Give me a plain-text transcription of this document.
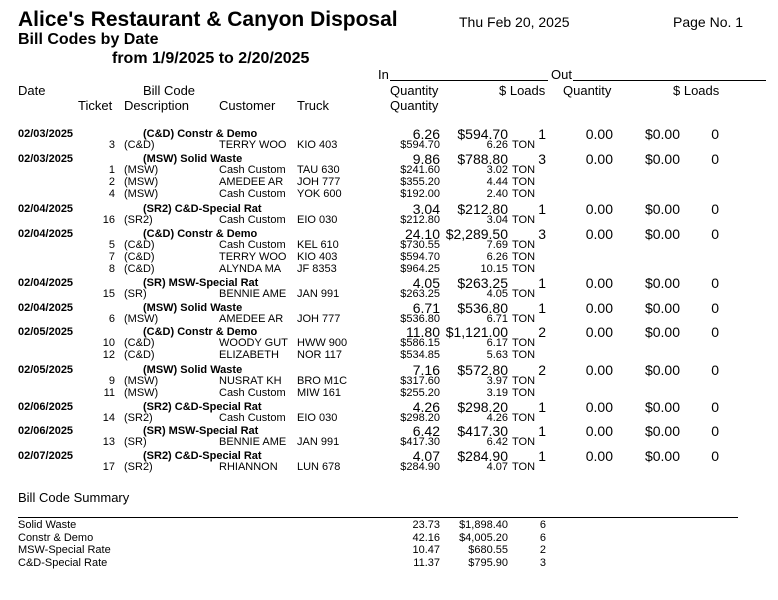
Alice's Restaurant & Canyon Disposal
Bill Codes by Date
from 1/9/2025 to 2/20/2025
Thu Feb 20, 2025	Page No. 1
In	Out
Date	Bill Code
Ticket Description Customer Truck
Quantity
Quantity
$ Loads Quantity	$ Loads
02/03/2025	(C&D) Constr & Demo	6.26 $594.70 1	0.00 $0.00 0
3 (C&D)	TERRY WOO KIO 403	$594.70	6.26 TON
02/03/2025	(MSW) Solid Waste	9.86 $788.80 3	0.00 $0.00 0
1 (MSW)	Cash Custom TAU 630	$241.60	3.02 TON
2 (MSW)	AMEDEE AR JOH 777	$355.20	4.44 TON
4 (MSW)	Cash Custom YOK 600	$192.00	2.40 TON
02/04/2025	(SR2) C&D-Special Rat	3.04 $212.80 1	0.00 $0.00 0
16 (SR2)	Cash Custom EIO 030	$212.80	3.04 TON
02/04/2025	(C&D) Constr & Demo	24.10 $2,289.50 3	0.00 $0.00 0
5 (C&D)	Cash Custom KEL 610	$730.55	7.69 TON
7 (C&D)	TERRY WOO KIO 403	$594.70	6.26 TON
8 (C&D)	ALYNDA MA JF 8353	$964.25	10.15 TON
02/04/2025	(SR) MSW-Special Rat	4.05 $263.25 1	0.00 $0.00 0
15 (SR)	BENNIE AME JAN 991	$263.25	4.05 TON
02/04/2025	(MSW) Solid Waste	6.71 $536.80 1	0.00 $0.00 0
6 (MSW)	AMEDEE AR JOH 777	$536.80	6.71 TON
02/05/2025	(C&D) Constr & Demo	11.80 $1,121.00 2	0.00 $0.00 0
10 (C&D)	WOODY GUT HWW 900	$586.15	6.17 TON
12 (C&D)	ELIZABETH NOR 117	$534.85	5.63 TON
02/05/2025	(MSW) Solid Waste	7.16 $572.80 2	0.00 $0.00 0
9 (MSW)	NUSRAT KH BRO M1C	$317.60	3.97 TON
11 (MSW)	Cash Custom MIW 161	$255.20	3.19 TON
02/06/2025	(SR2) C&D-Special Rat	4.26 $298.20 1	0.00 $0.00 0
14 (SR2)	Cash Custom EIO 030	$298.20	4.26 TON
02/06/2025	(SR) MSW-Special Rat	6.42 $417.30 1	0.00 $0.00 0
13 (SR)	BENNIE AME JAN 991	$417.30	6.42 TON
02/07/2025	(SR2) C&D-Special Rat	4.07 $284.90 1	0.00 $0.00 0
17 (SR2)	RHIANNON LUN 678	$284.90	4.07 TON
Bill Code Summary
Solid Waste	23.73 $1,898.40	6
Constr & Demo	42.16 $4,005.20	6
MSW-Special Rate	10.47	$680.55	2
C&D-Special Rate	11.37	$795.90	3
